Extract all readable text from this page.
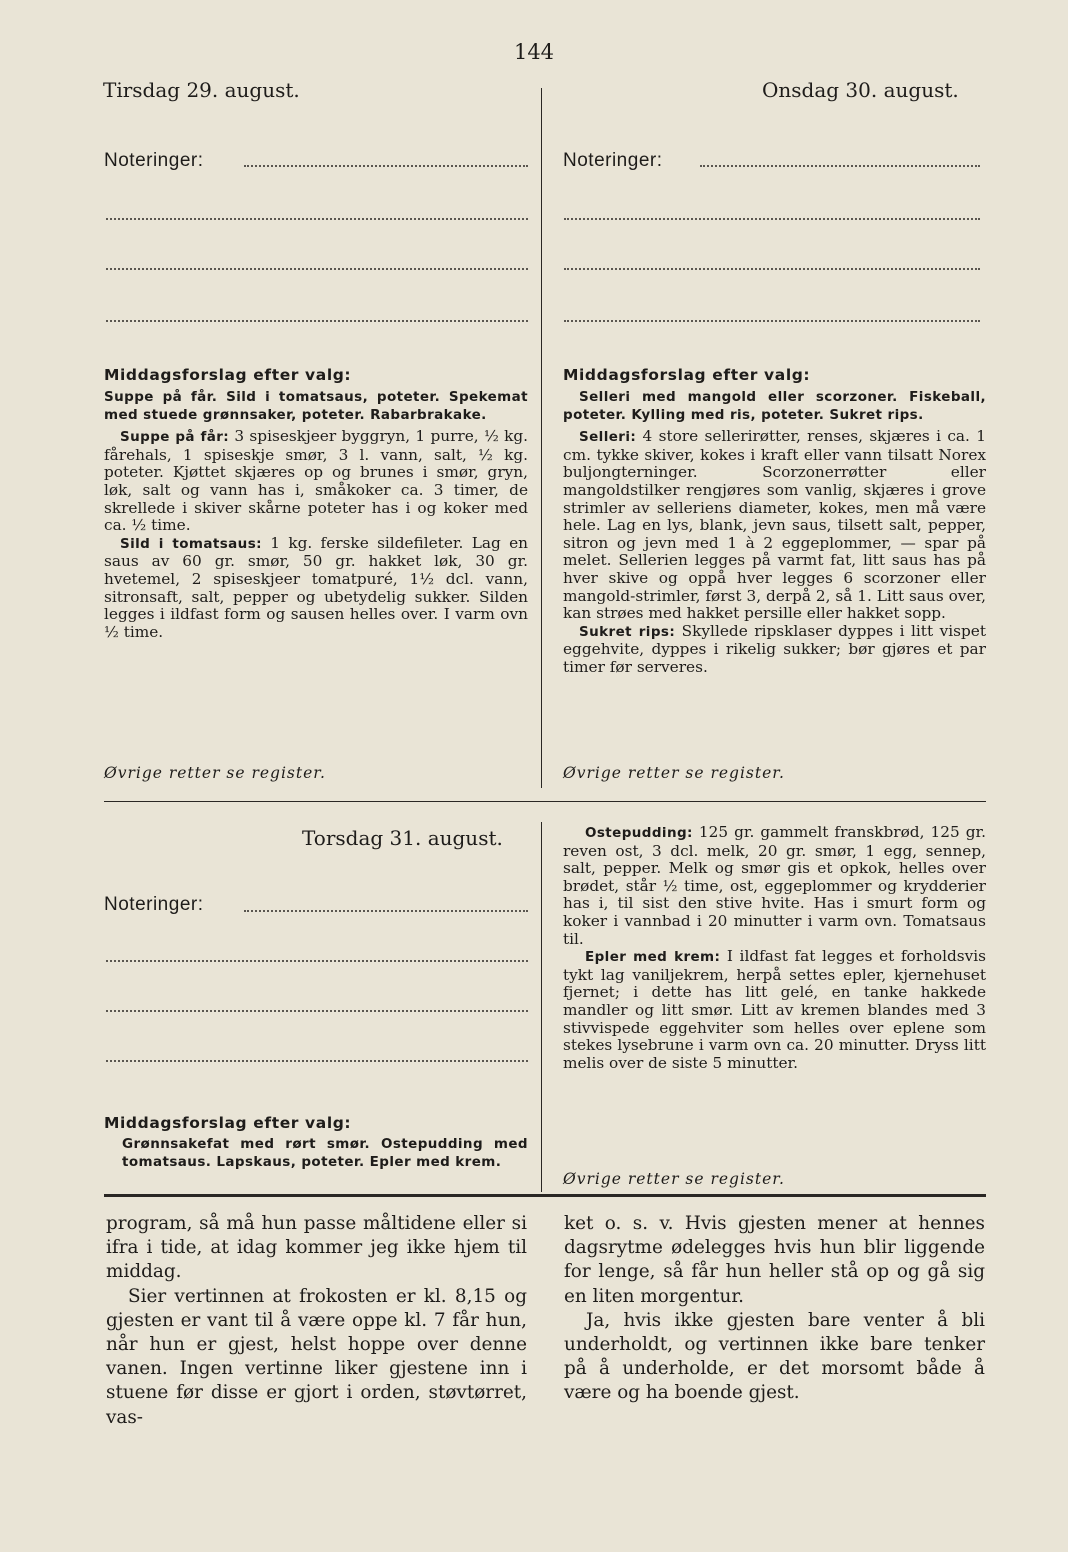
144
Tirsdag 29. august.
Noteringer:
Middagsforslag efter valg:

Suppe på får. Sild i tomatsaus, poteter. Spekemat med stuede grønnsaker, poteter. Rabarbrakake.

Suppe på får: 3 spiseskjeer byggryn, 1 purre, ½ kg. fårehals, 1 spiseskje smør, 3 l. vann, salt, ½ kg. poteter. Kjøttet skjæres op og brunes i smør, gryn, løk, salt og vann has i, småkoker ca. 3 timer, de skrellede i skiver skårne poteter has i og koker med ca. ½ time.

Sild i tomatsaus: 1 kg. ferske sildefileter. Lag en saus av 60 gr. smør, 50 gr. hakket løk, 30 gr. hvetemel, 2 spiseskjeer tomatpuré, 1½ dcl. vann, sitronsaft, salt, pepper og ubetydelig sukker. Silden legges i ildfast form og sausen helles over. I varm ovn ½ time.

Øvrige retter se register.
Onsdag 30. august.
Noteringer:
Middagsforslag efter valg:

Selleri med mangold eller scorzoner. Fiskeball, poteter. Kylling med ris, poteter. Sukret rips.

Selleri: 4 store sellerirøtter, renses, skjæres i ca. 1 cm. tykke skiver, kokes i kraft eller vann tilsatt Norex buljongterninger. Scorzonerrøtter eller mangoldstilker rengjøres som vanlig, skjæres i grove strimler av selleriens diameter, kokes, men må være hele. Lag en lys, blank, jevn saus, tilsett salt, pepper, sitron og jevn med 1 à 2 eggeplommer, — spar på melet. Sellerien legges på varmt fat, litt saus has på hver skive og oppå hver legges 6 scorzoner eller mangold-strimler, først 3, derpå 2, så 1. Litt saus over, kan strøes med hakket persille eller hakket sopp.

Sukret rips: Skyllede ripsklaser dyppes i litt vispet eggehvite, dyppes i rikelig sukker; bør gjøres et par timer før serveres.

Øvrige retter se register.
Torsdag 31. august.
Noteringer:
Middagsforslag efter valg:

Grønnsakefat med rørt smør. Ostepudding med tomatsaus. Lapskaus, poteter. Epler med krem.

Ostepudding: 125 gr. gammelt franskbrød, 125 gr. reven ost, 3 dcl. melk, 20 gr. smør, 1 egg, sennep, salt, pepper. Melk og smør gis et opkok, helles over brødet, står ½ time, ost, eggeplommer og krydderier has i, til sist den stive hvite. Has i smurt form og koker i vannbad i 20 minutter i varm ovn. Tomatsaus til.

Epler med krem: I ildfast fat legges et forholdsvis tykt lag vaniljekrem, herpå settes epler, kjernehuset fjernet; i dette has litt gelé, en tanke hakkede mandler og litt smør. Litt av kremen blandes med 3 stivvispede eggehviter som helles over eplene som stekes lysebrune i varm ovn ca. 20 minutter. Dryss litt melis over de siste 5 minutter.

Øvrige retter se register.

program, så må hun passe måltidene eller si ifra i tide, at idag kommer jeg ikke hjem til middag.

Sier vertinnen at frokosten er kl. 8,15 og gjesten er vant til å være oppe kl. 7 får hun, når hun er gjest, helst hoppe over denne vanen. Ingen vertinne liker gjestene inn i stuene før disse er gjort i orden, støvtørret, vas-

ket o. s. v. Hvis gjesten mener at hennes dagsrytme ødelegges hvis hun blir liggende for lenge, så får hun heller stå op og gå sig en liten morgentur.

Ja, hvis ikke gjesten bare venter å bli underholdt, og vertinnen ikke bare tenker på å underholde, er det morsomt både å være og ha boende gjest.
